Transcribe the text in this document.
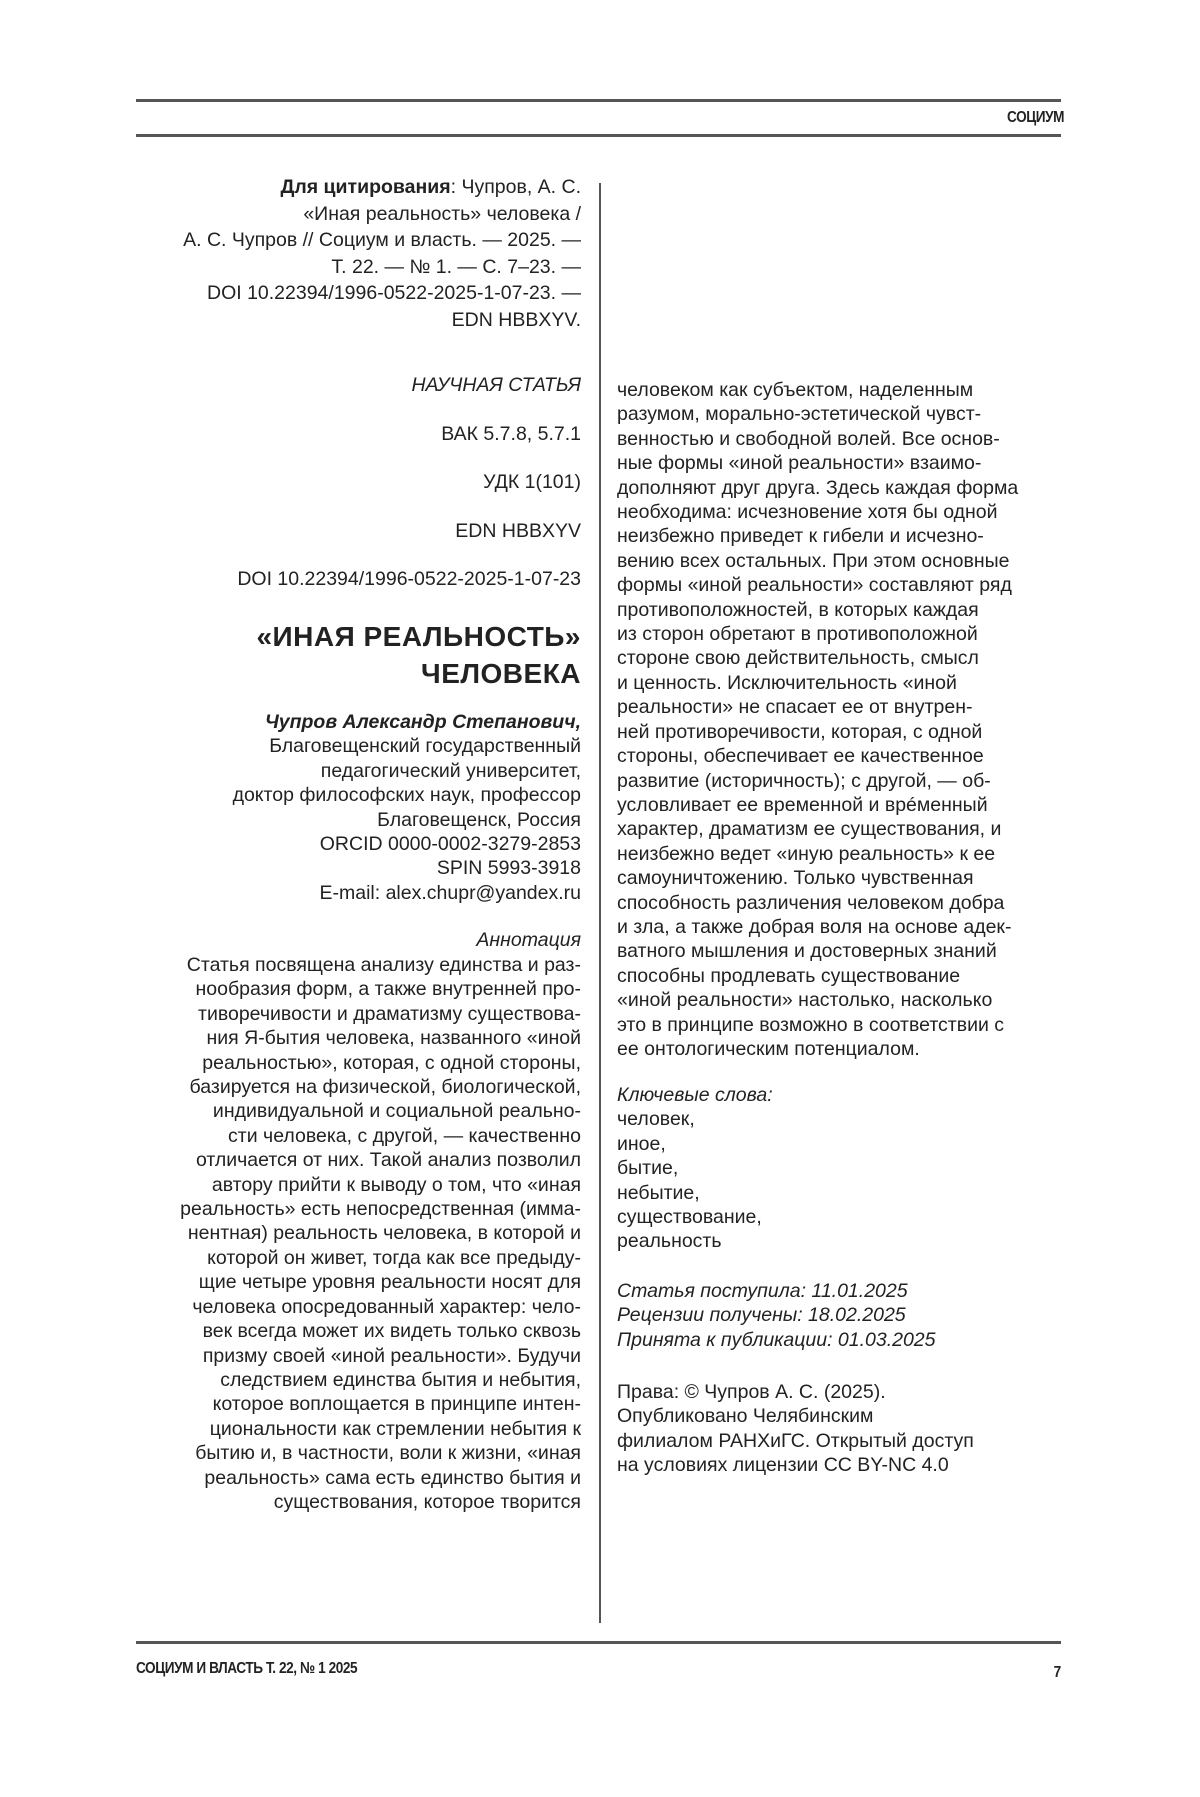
СОЦИУМ
Для цитирования: Чупров, А. С.
«Иная реальность» человека /
А. С. Чупров // Социум и власть. — 2025. —
Т. 22. — № 1. — С. 7–23. —
DOI 10.22394/1996-0522-2025-1-07-23. —
EDN HBBXYV.
НАУЧНАЯ СТАТЬЯ
ВАК 5.7.8, 5.7.1
УДК 1(101)
EDN HBBXYV
DOI 10.22394/1996-0522-2025-1-07-23
«ИНАЯ РЕАЛЬНОСТЬ»
ЧЕЛОВЕКА
Чупров Александр Степанович,
Благовещенский государственный
педагогический университет,
доктор философских наук, профессор
Благовещенск, Россия
ORCID 0000-0002-3279-2853
SPIN 5993-3918
E-mail: alex.chupr@yandex.ru
Аннотация
Статья посвящена анализу единства и раз-
нообразия форм, а также внутренней про-
тиворечивости и драматизму существова-
ния Я-бытия человека, названного «иной
реальностью», которая, с одной стороны,
базируется на физической, биологической,
индивидуальной и социальной реально-
сти человека, с другой, — качественно
отличается от них. Такой анализ позволил
автору прийти к выводу о том, что «иная
реальность» есть непосредственная (имма-
нентная) реальность человека, в которой и
которой он живет, тогда как все предыду-
щие четыре уровня реальности носят для
человека опосредованный характер: чело-
век всегда может их видеть только сквозь
призму своей «иной реальности». Будучи
следствием единства бытия и небытия,
которое воплощается в принципе интен-
циональности как стремлении небытия к
бытию и, в частности, воли к жизни, «иная
реальность» сама есть единство бытия и
существования, которое творится
человеком как субъектом, наделенным
разумом, морально-эстетической чувст-
венностью и свободной волей. Все основ-
ные формы «иной реальности» взаимо-
дополняют друг друга. Здесь каждая форма
необходима: исчезновение хотя бы одной
неизбежно приведет к гибели и исчезно-
вению всех остальных. При этом основные
формы «иной реальности» составляют ряд
противоположностей, в которых каждая
из сторон обретают в противоположной
стороне свою действительность, смысл
и ценность. Исключительность «иной
реальности» не спасает ее от внутрен-
ней противоречивости, которая, с одной
стороны, обеспечивает ее качественное
развитие (историчность); с другой, — об-
условливает ее временной и врéменный
характер, драматизм ее существования, и
неизбежно ведет «иную реальность» к ее
самоуничтожению. Только чувственная
способность различения человеком добра
и зла, а также добрая воля на основе адек-
ватного мышления и достоверных знаний
способны продлевать существование
«иной реальности» настолько, насколько
это в принципе возможно в соответствии с
ее онтологическим потенциалом.
Ключевые слова:
человек,
иное,
бытие,
небытие,
существование,
реальность
Статья поступила: 11.01.2025
Рецензии получены: 18.02.2025
Принята к публикации: 01.03.2025
Права: © Чупров А. С. (2025).
Опубликовано Челябинским
филиалом РАНХиГС. Открытый доступ
на условиях лицензии CC BY-NC 4.0
СОЦИУМ И ВЛАСТЬ Т. 22, № 1 2025	7
